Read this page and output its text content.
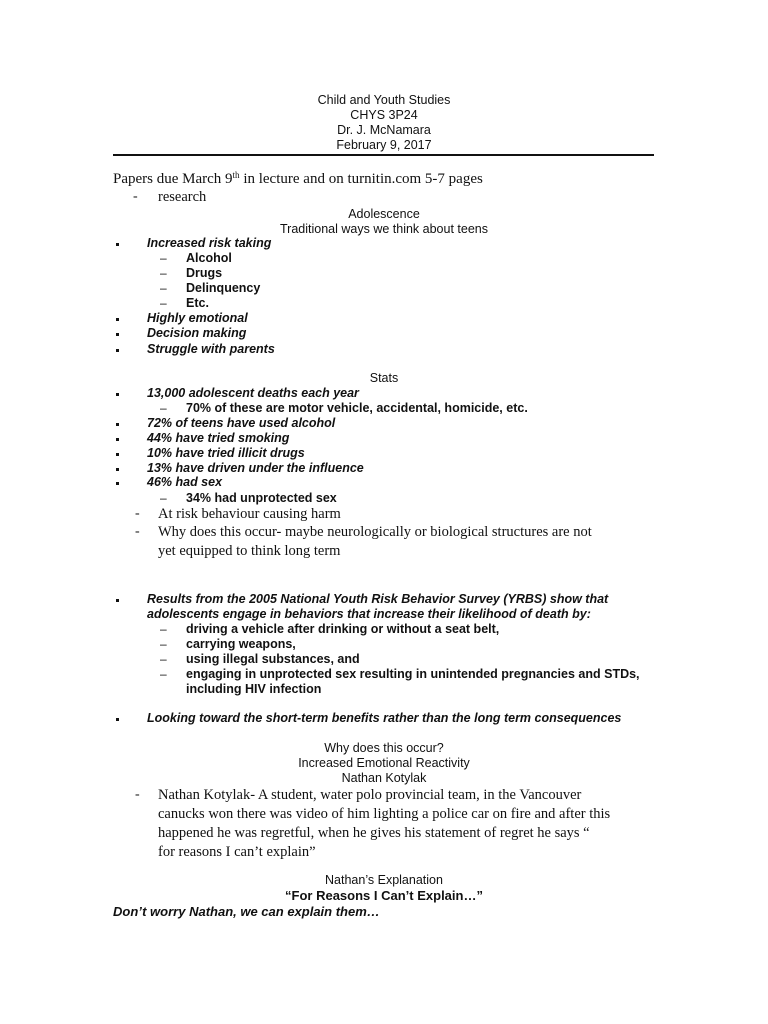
Child and Youth Studies
CHYS 3P24
Dr. J. McNamara
February 9, 2017
Papers due March 9th in lecture and on turnitin.com 5-7 pages
- research
Adolescence
Traditional ways we think about teens
Increased risk taking
– Alcohol
– Drugs
– Delinquency
– Etc.
Highly emotional
Decision making
Struggle with parents
Stats
13,000 adolescent deaths each year
– 70% of these are motor vehicle, accidental, homicide, etc.
72% of teens have used alcohol
44% have tried smoking
10% have tried illicit drugs
13% have driven under the influence
46% had sex
– 34% had unprotected sex
- At risk behaviour causing harm
- Why does this occur- maybe neurologically or biological structures are not
yet equipped to think long term
Results from the 2005 National Youth Risk Behavior Survey (YRBS) show that
adolescents engage in behaviors that increase their likelihood of death by:
– driving a vehicle after drinking or without a seat belt,
– carrying weapons,
– using illegal substances, and
– engaging in unprotected sex resulting in unintended pregnancies and STDs,
including HIV infection
Looking toward the short-term benefits rather than the long term consequences
Why does this occur?
Increased Emotional Reactivity
Nathan Kotylak
- Nathan Kotylak- A student, water polo provincial team, in the Vancouver
canucks won there was video of him lighting a police car on fire and after this
happened he was regretful, when he gives his statement of regret he says “
for reasons I can’t explain”
Nathan’s Explanation
“For Reasons I Can’t Explain…”
Don’t worry Nathan, we can explain them…
